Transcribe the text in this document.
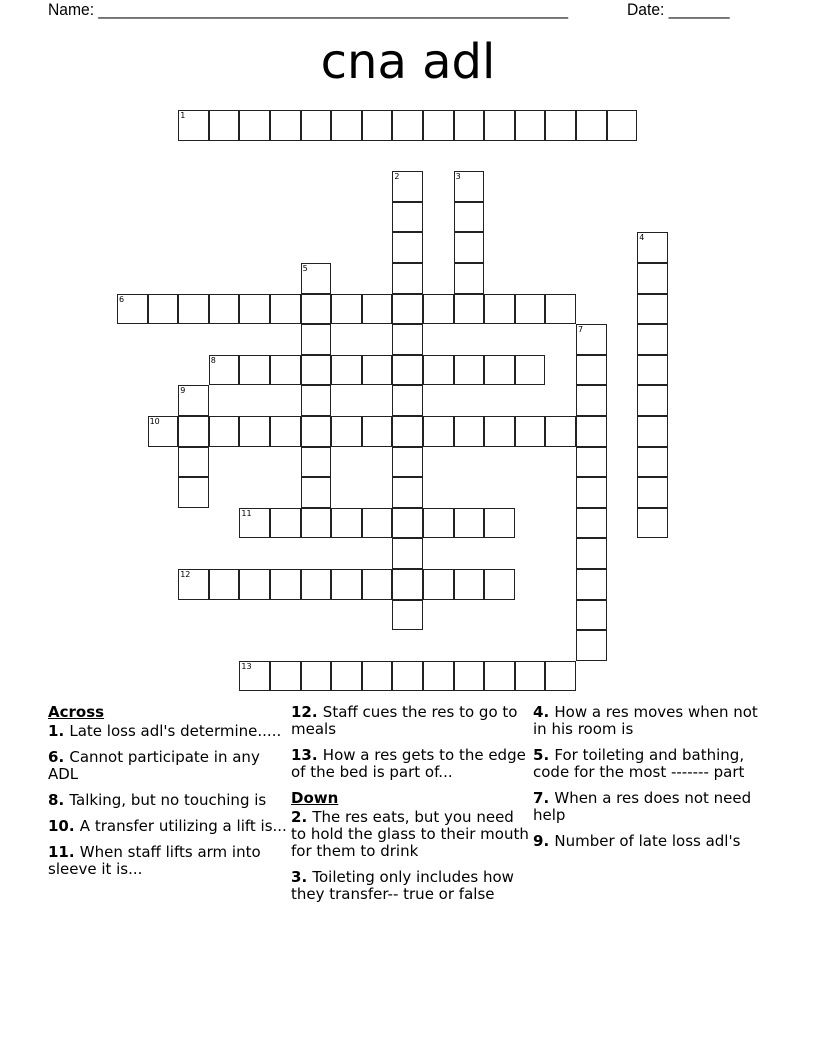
Name: ______________________________________________________	Date: _______
cna adl
1
2	3
4
5
6
7
8
9
10
11
12
13
Across
1. Late loss adl's determine.....
6. Cannot participate in any ADL
8. Talking, but no touching is
10. A transfer utilizing a lift is...
11. When staff lifts arm into sleeve it is...
12. Staff cues the res to go to meals
13. How a res gets to the edge of the bed is part of...
Down
2. The res eats, but you need to hold the glass to their mouth for them to drink
3. Toileting only includes how they transfer-- true or false
4. How a res moves when not in his room is
5. For toileting and bathing, code for the most ------- part
7. When a res does not need help
9. Number of late loss adl's
